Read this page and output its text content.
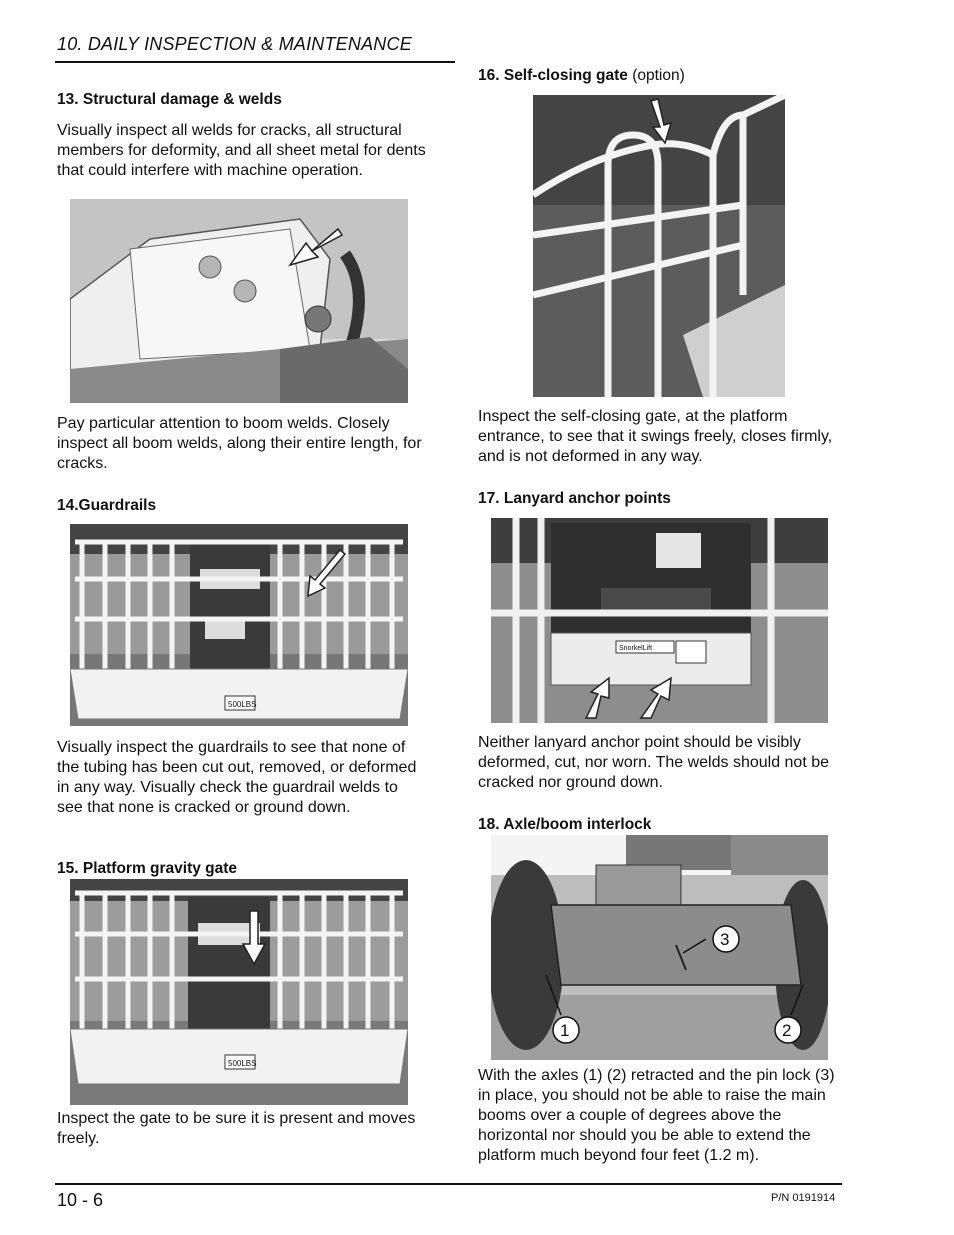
10. DAILY INSPECTION & MAINTENANCE
13. Structural damage & welds
Visually inspect all welds for cracks, all structural members for deformity, and all sheet metal for dents that could interfere with machine operation.
Pay particular attention to boom welds. Closely inspect all boom welds, along their entire length, for cracks.
14.Guardrails
500LBS
Visually inspect the guardrails to see that none of the tubing has been cut out, removed, or deformed in any way. Visually check the guardrail welds to see that none is cracked or ground down.
15. Platform gravity gate
500LBS
Inspect the gate to be sure it is present and moves freely.
16. Self-closing gate (option)
Inspect the self-closing gate, at the platform entrance, to see that it swings freely, closes firmly, and is not deformed in any way.
17. Lanyard anchor points
SnorkelLift
Neither lanyard anchor point should be visibly deformed, cut, nor worn. The welds should not be cracked nor ground down.
18. Axle/boom interlock
3
1	2
With the axles (1) (2) retracted and the pin lock (3) in place, you should not be able to raise the main booms over a couple of degrees above the horizontal nor should you be able to extend the platform much beyond four feet (1.2 m).
10 - 6	P/N 0191914
